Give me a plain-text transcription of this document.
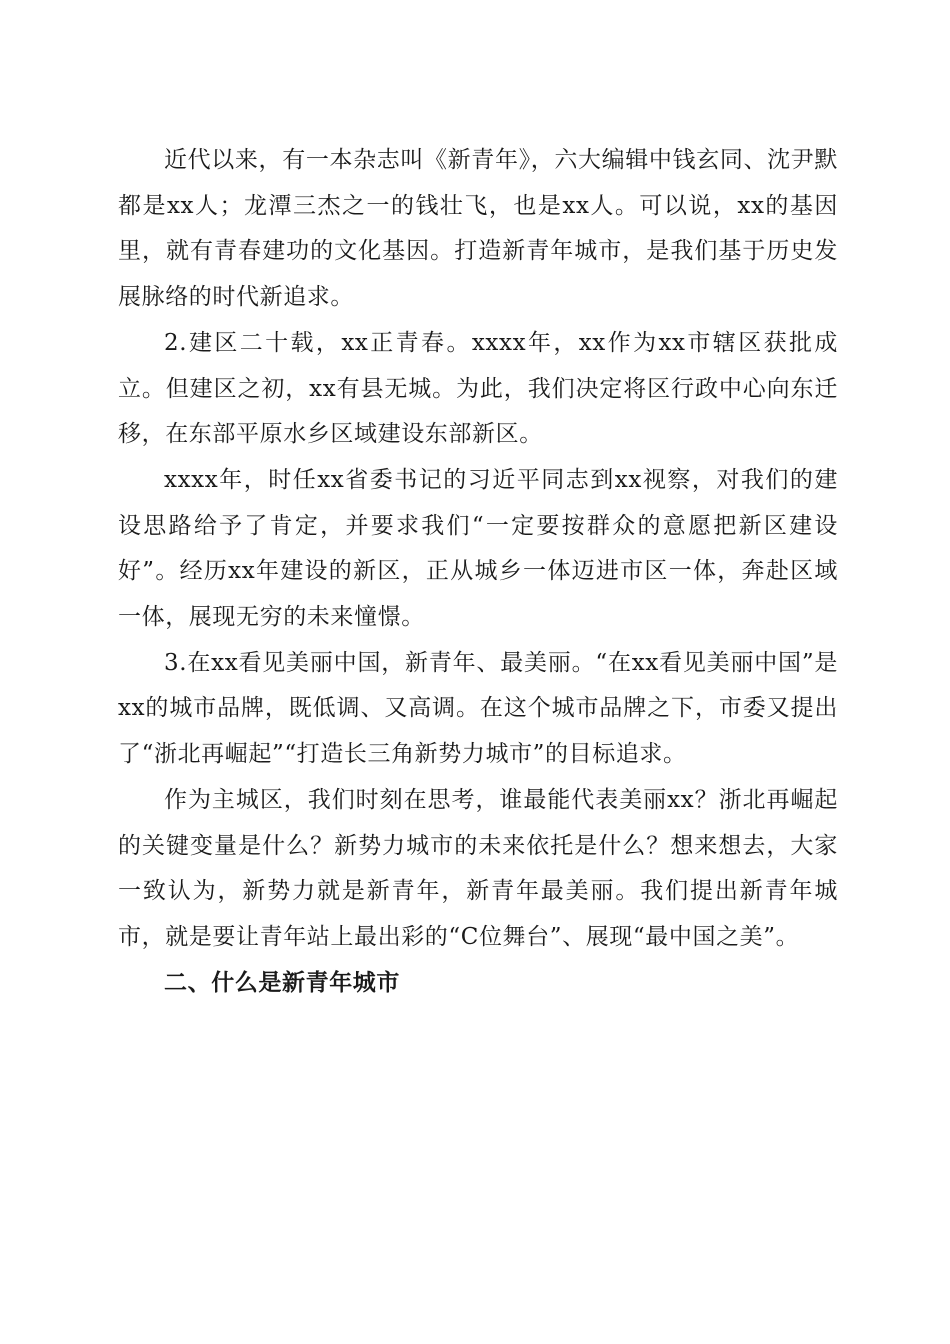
近代以来，有一本杂志叫《新青年》，六大编辑中钱玄同、沈尹默都是xx人；龙潭三杰之一的钱壮飞，也是xx人。可以说，xx的基因里，就有青春建功的文化基因。打造新青年城市，是我们基于历史发展脉络的时代新追求。

2.建区二十载，xx正青春。xxxx年，xx作为xx市辖区获批成立。但建区之初，xx有县无城。为此，我们决定将区行政中心向东迁移，在东部平原水乡区域建设东部新区。

xxxx年，时任xx省委书记的习近平同志到xx视察，对我们的建设思路给予了肯定，并要求我们“一定要按群众的意愿把新区建设好”。经历xx年建设的新区，正从城乡一体迈进市区一体，奔赴区域一体，展现无穷的未来憧憬。

3.在xx看见美丽中国，新青年、最美丽。“在xx看见美丽中国”是xx的城市品牌，既低调、又高调。在这个城市品牌之下，市委又提出了“浙北再崛起”“打造长三角新势力城市”的目标追求。

作为主城区，我们时刻在思考，谁最能代表美丽xx？浙北再崛起的关键变量是什么？新势力城市的未来依托是什么？想来想去，大家一致认为，新势力就是新青年，新青年最美丽。我们提出新青年城市，就是要让青年站上最出彩的“C位舞台”、展现“最中国之美”。

二、什么是新青年城市
